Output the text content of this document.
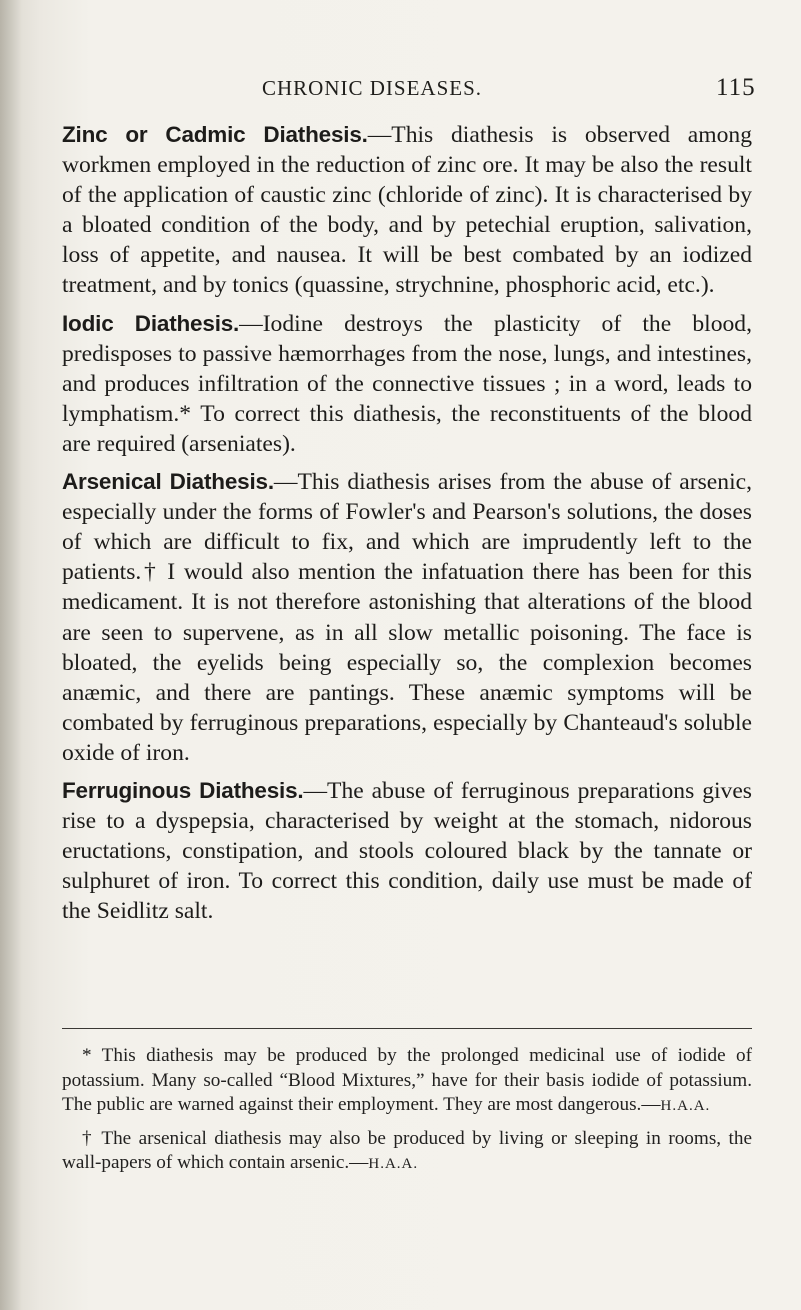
CHRONIC DISEASES.	115

Zinc or Cadmic Diathesis.—This diathesis is observed among workmen employed in the reduction of zinc ore. It may be also the result of the application of caustic zinc (chloride of zinc). It is characterised by a bloated condition of the body, and by petechial eruption, salivation, loss of appetite, and nausea. It will be best combated by an iodized treatment, and by tonics (quassine, strychnine, phosphoric acid, etc.).

Iodic Diathesis.—Iodine destroys the plasticity of the blood, predisposes to passive hæmorrhages from the nose, lungs, and intestines, and produces infiltration of the connective tissues ; in a word, leads to lymphatism.* To correct this diathesis, the reconstituents of the blood are required (arseniates).

Arsenical Diathesis.—This diathesis arises from the abuse of arsenic, especially under the forms of Fowler's and Pearson's solutions, the doses of which are difficult to fix, and which are imprudently left to the patients.† I would also mention the infatuation there has been for this medicament. It is not therefore astonishing that alterations of the blood are seen to supervene, as in all slow metallic poisoning. The face is bloated, the eyelids being especially so, the complexion becomes anæmic, and there are pantings. These anæmic symptoms will be combated by ferruginous preparations, especially by Chanteaud's soluble oxide of iron.

Ferruginous Diathesis.—The abuse of ferruginous preparations gives rise to a dyspepsia, characterised by weight at the stomach, nidorous eructations, constipation, and stools coloured black by the tannate or sulphuret of iron. To correct this condition, daily use must be made of the Seidlitz salt.

* This diathesis may be produced by the prolonged medicinal use of iodide of potassium. Many so-called “Blood Mixtures,” have for their basis iodide of potassium. The public are warned against their employment. They are most dangerous.—H.A.A.

† The arsenical diathesis may also be produced by living or sleeping in rooms, the wall-papers of which contain arsenic.—H.A.A.
